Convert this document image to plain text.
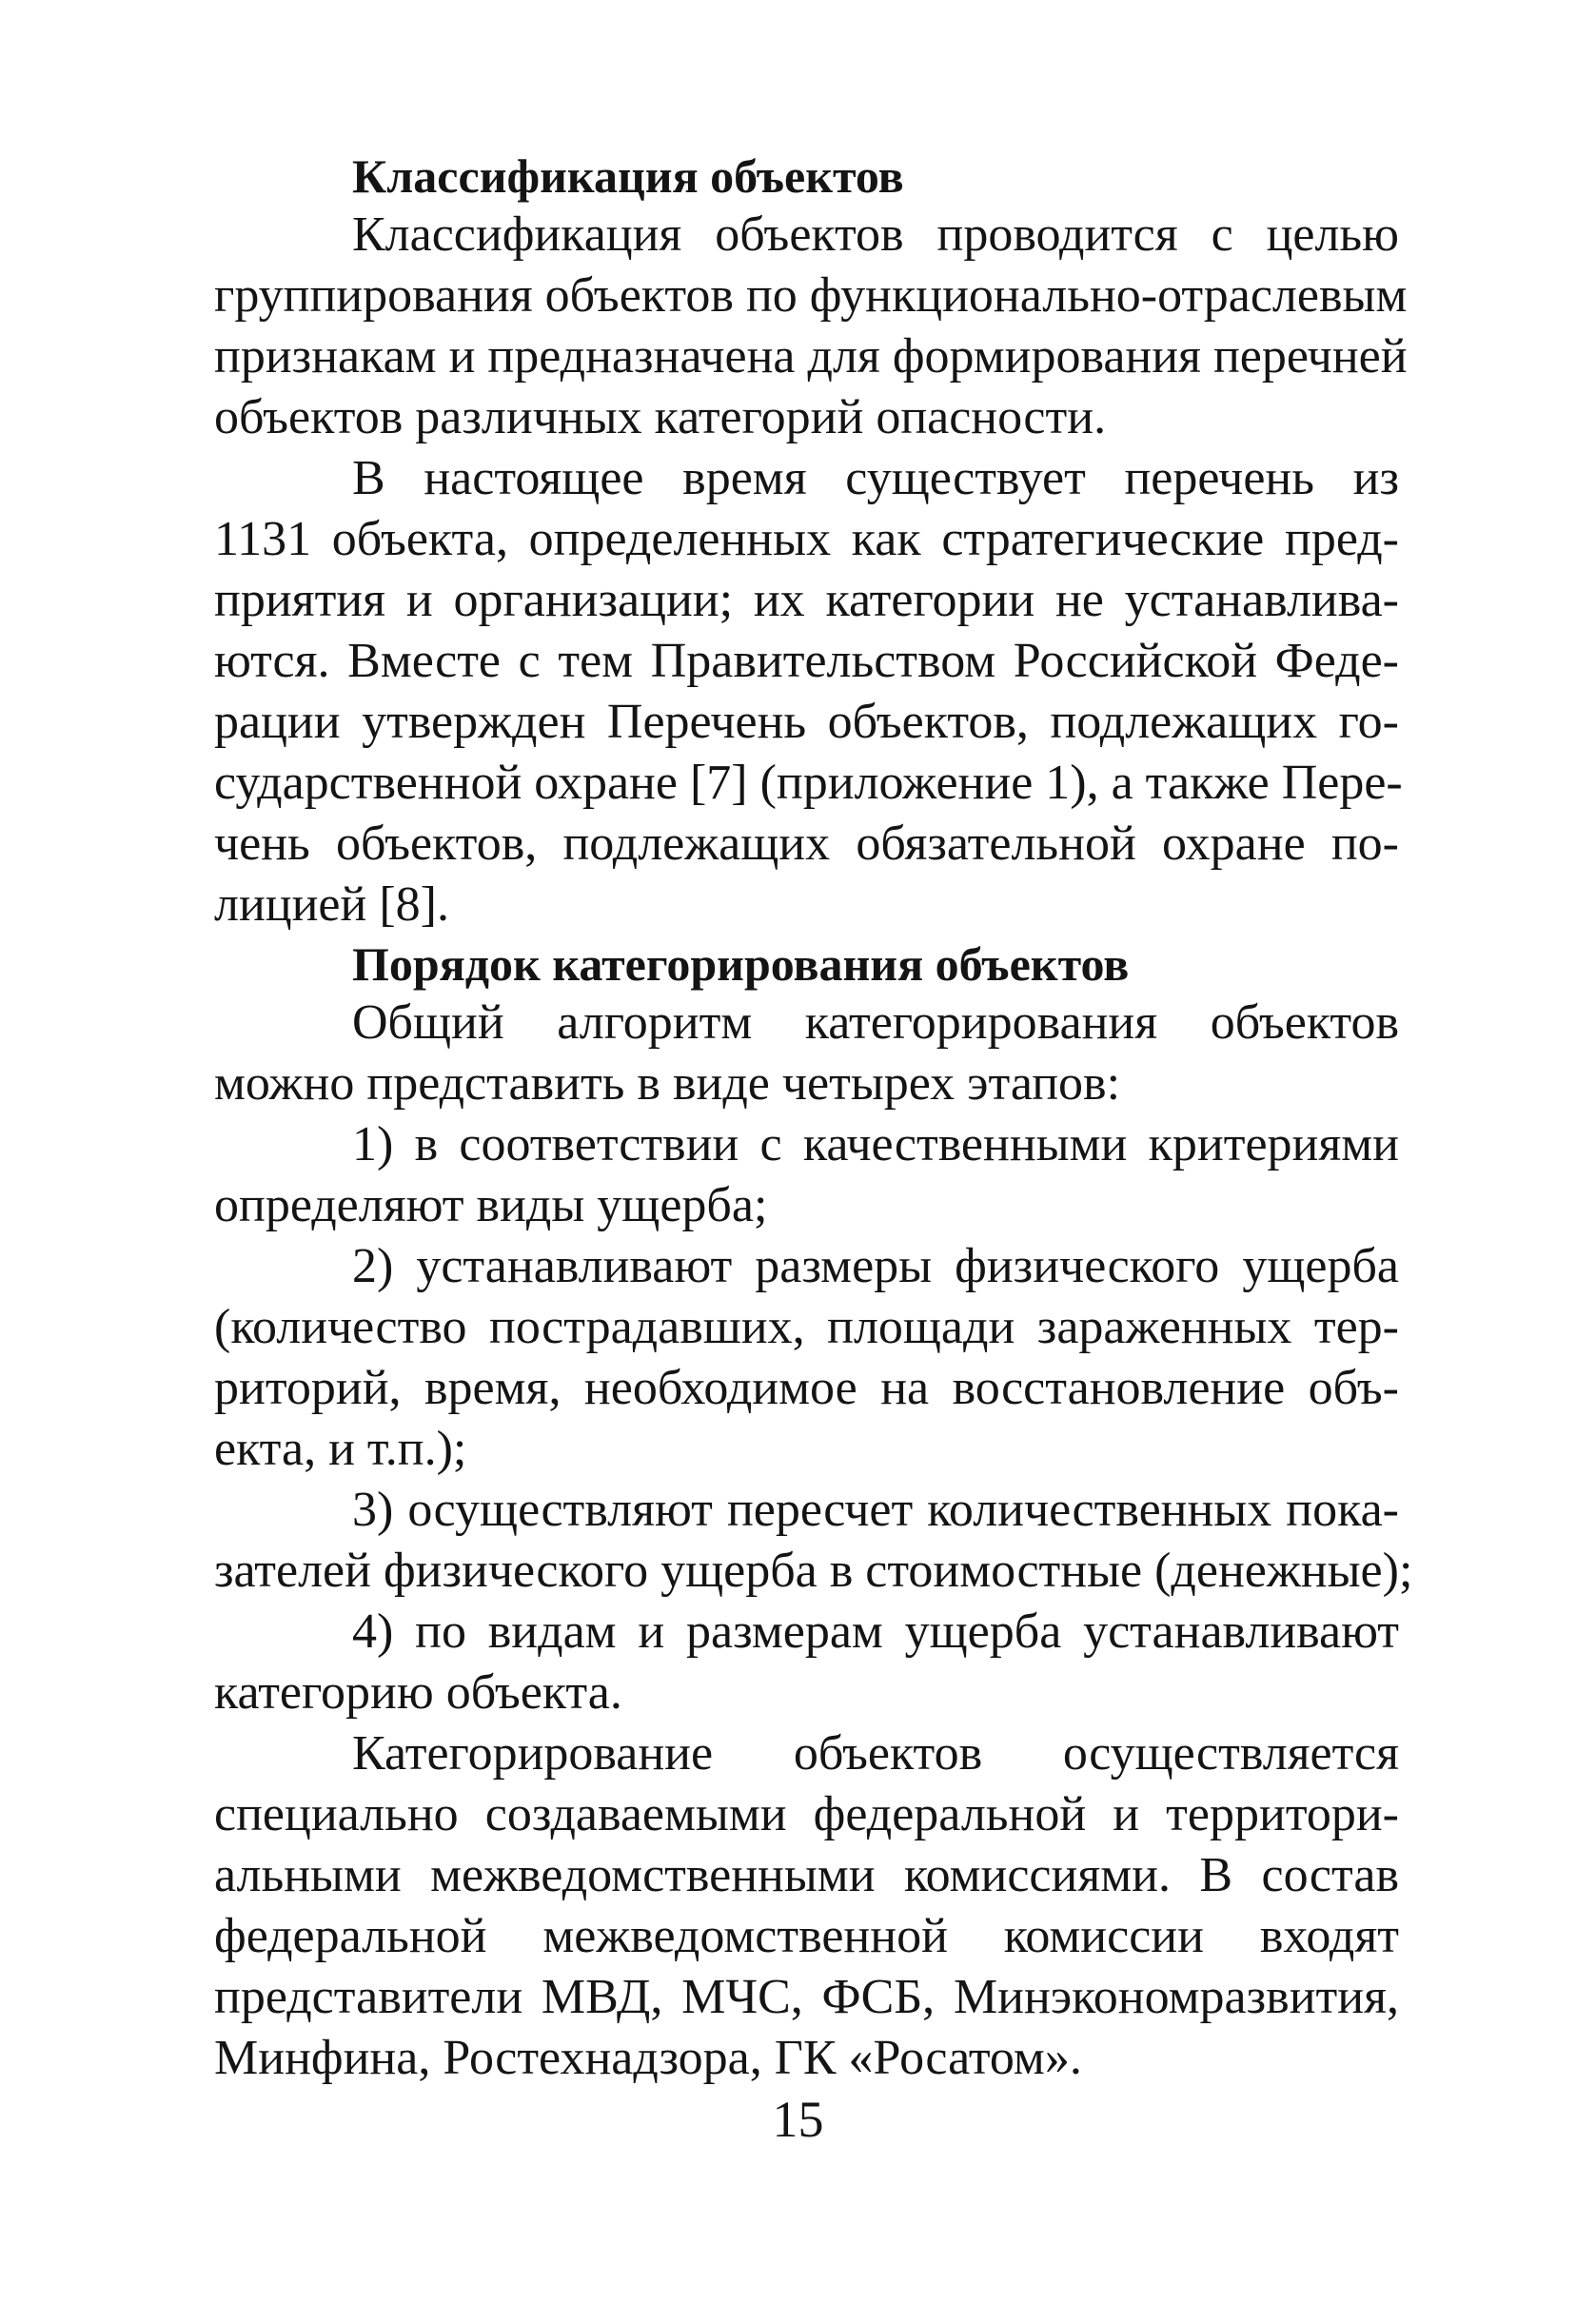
Классификация объектов
Классификация объектов проводится с целью
группирования объектов по функционально-отраслевым
признакам и предназначена для формирования перечней
объектов различных категорий опасности.
В настоящее время существует перечень из
1131 объекта, определенных как стратегические пред-
приятия и организации; их категории не устанавлива-
ются. Вместе с тем Правительством Российской Феде-
рации утвержден Перечень объектов, подлежащих го-
сударственной охране [7] (приложение 1), а также Пере-
чень объектов, подлежащих обязательной охране по-
лицией [8].
Порядок категорирования объектов
Общий алгоритм категорирования объектов
можно представить в виде четырех этапов:
1) в соответствии с качественными критериями
определяют виды ущерба;
2) устанавливают размеры физического ущерба
(количество пострадавших, площади зараженных тер-
риторий, время, необходимое на восстановление объ-
екта, и т.п.);
3) осуществляют пересчет количественных пока-
зателей физического ущерба в стоимостные (денежные);
4) по видам и размерам ущерба устанавливают
категорию объекта.
Категорирование объектов осуществляется
специально создаваемыми федеральной и территори-
альными межведомственными комиссиями. В состав
федеральной межведомственной комиссии входят
представители МВД, МЧС, ФСБ, Минэкономразвития,
Минфина, Ростехнадзора, ГК «Росатом».
15
